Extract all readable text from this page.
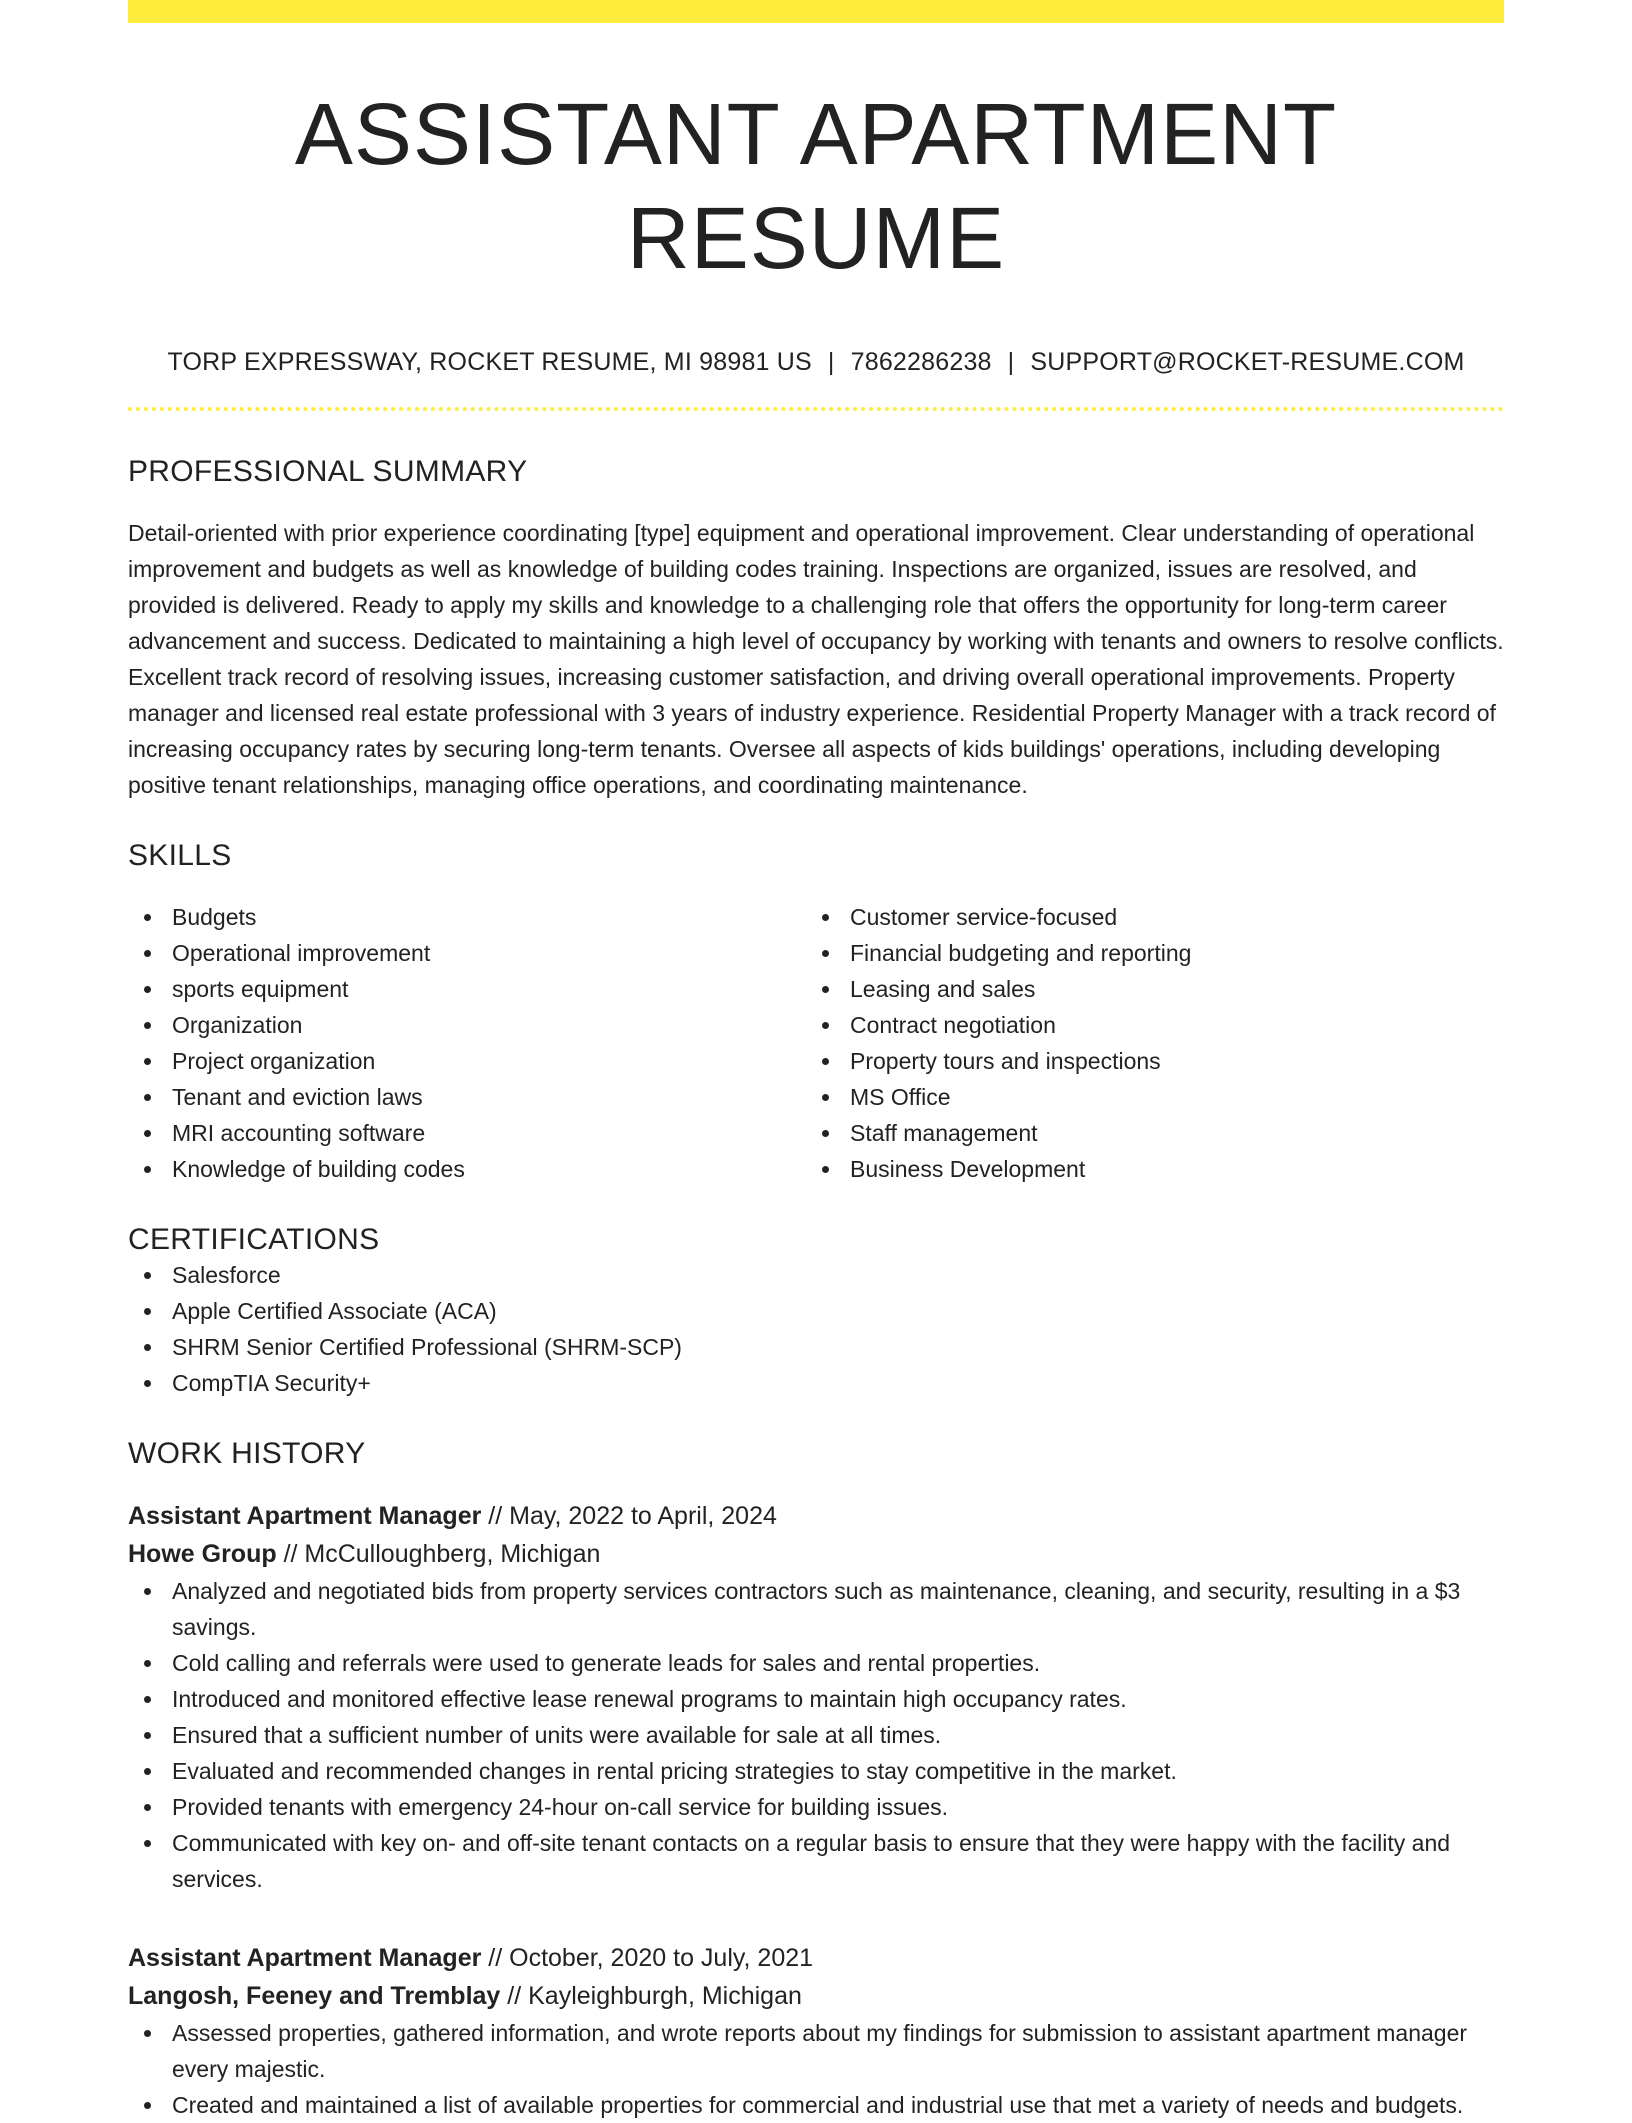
ASSISTANT APARTMENT RESUME
TORP EXPRESSWAY, ROCKET RESUME, MI 98981 US | 7862286238 | SUPPORT@ROCKET-RESUME.COM
PROFESSIONAL SUMMARY
Detail-oriented with prior experience coordinating [type] equipment and operational improvement. Clear understanding of operational improvement and budgets as well as knowledge of building codes training. Inspections are organized, issues are resolved, and provided is delivered. Ready to apply my skills and knowledge to a challenging role that offers the opportunity for long-term career advancement and success. Dedicated to maintaining a high level of occupancy by working with tenants and owners to resolve conflicts. Excellent track record of resolving issues, increasing customer satisfaction, and driving overall operational improvements. Property manager and licensed real estate professional with 3 years of industry experience. Residential Property Manager with a track record of increasing occupancy rates by securing long-term tenants. Oversee all aspects of kids buildings' operations, including developing positive tenant relationships, managing office operations, and coordinating maintenance.
SKILLS
Budgets
Operational improvement
sports equipment
Organization
Project organization
Tenant and eviction laws
MRI accounting software
Knowledge of building codes
Customer service-focused
Financial budgeting and reporting
Leasing and sales
Contract negotiation
Property tours and inspections
MS Office
Staff management
Business Development
CERTIFICATIONS
Salesforce
Apple Certified Associate (ACA)
SHRM Senior Certified Professional (SHRM-SCP)
CompTIA Security+
WORK HISTORY
Assistant Apartment Manager // May, 2022 to April, 2024
Howe Group // McCulloughberg, Michigan
Analyzed and negotiated bids from property services contractors such as maintenance, cleaning, and security, resulting in a $3 savings.
Cold calling and referrals were used to generate leads for sales and rental properties.
Introduced and monitored effective lease renewal programs to maintain high occupancy rates.
Ensured that a sufficient number of units were available for sale at all times.
Evaluated and recommended changes in rental pricing strategies to stay competitive in the market.
Provided tenants with emergency 24-hour on-call service for building issues.
Communicated with key on- and off-site tenant contacts on a regular basis to ensure that they were happy with the facility and services.
Assistant Apartment Manager // October, 2020 to July, 2021
Langosh, Feeney and Tremblay // Kayleighburgh, Michigan
Assessed properties, gathered information, and wrote reports about my findings for submission to assistant apartment manager every majestic.
Created and maintained a list of available properties for commercial and industrial use that met a variety of needs and budgets.
